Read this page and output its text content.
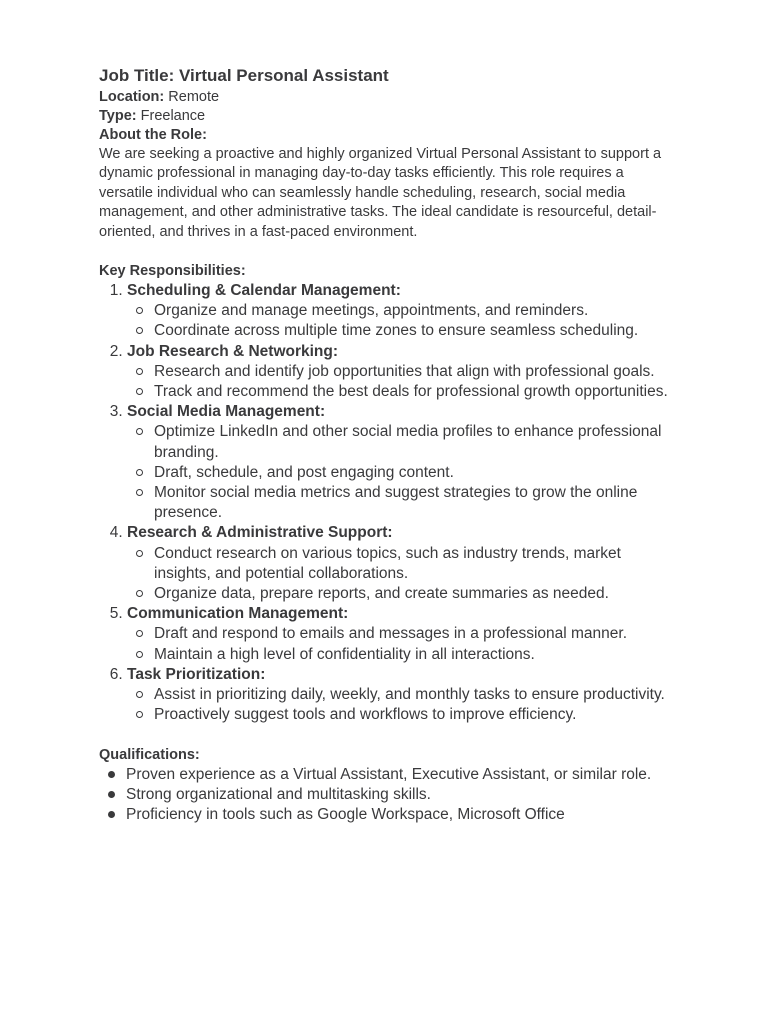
Job Title: Virtual Personal Assistant
Location: Remote
Type: Freelance
About the Role:

We are seeking a proactive and highly organized Virtual Personal Assistant to support a dynamic professional in managing day-to-day tasks efficiently. This role requires a versatile individual who can seamlessly handle scheduling, research, social media management, and other administrative tasks. The ideal candidate is resourceful, detail-oriented, and thrives in a fast-paced environment.

Key Responsibilities:
1. Scheduling & Calendar Management:
Organize and manage meetings, appointments, and reminders.
Coordinate across multiple time zones to ensure seamless scheduling.
2. Job Research & Networking:
Research and identify job opportunities that align with professional goals.
Track and recommend the best deals for professional growth opportunities.
3. Social Media Management:
Optimize LinkedIn and other social media profiles to enhance professional branding.
Draft, schedule, and post engaging content.
Monitor social media metrics and suggest strategies to grow the online presence.
4. Research & Administrative Support:
Conduct research on various topics, such as industry trends, market insights, and potential collaborations.
Organize data, prepare reports, and create summaries as needed.
5. Communication Management:
Draft and respond to emails and messages in a professional manner.
Maintain a high level of confidentiality in all interactions.
6. Task Prioritization:
Assist in prioritizing daily, weekly, and monthly tasks to ensure productivity.
Proactively suggest tools and workflows to improve efficiency.
Qualifications:
Proven experience as a Virtual Assistant, Executive Assistant, or similar role.
Strong organizational and multitasking skills.
Proficiency in tools such as Google Workspace, Microsoft Office
